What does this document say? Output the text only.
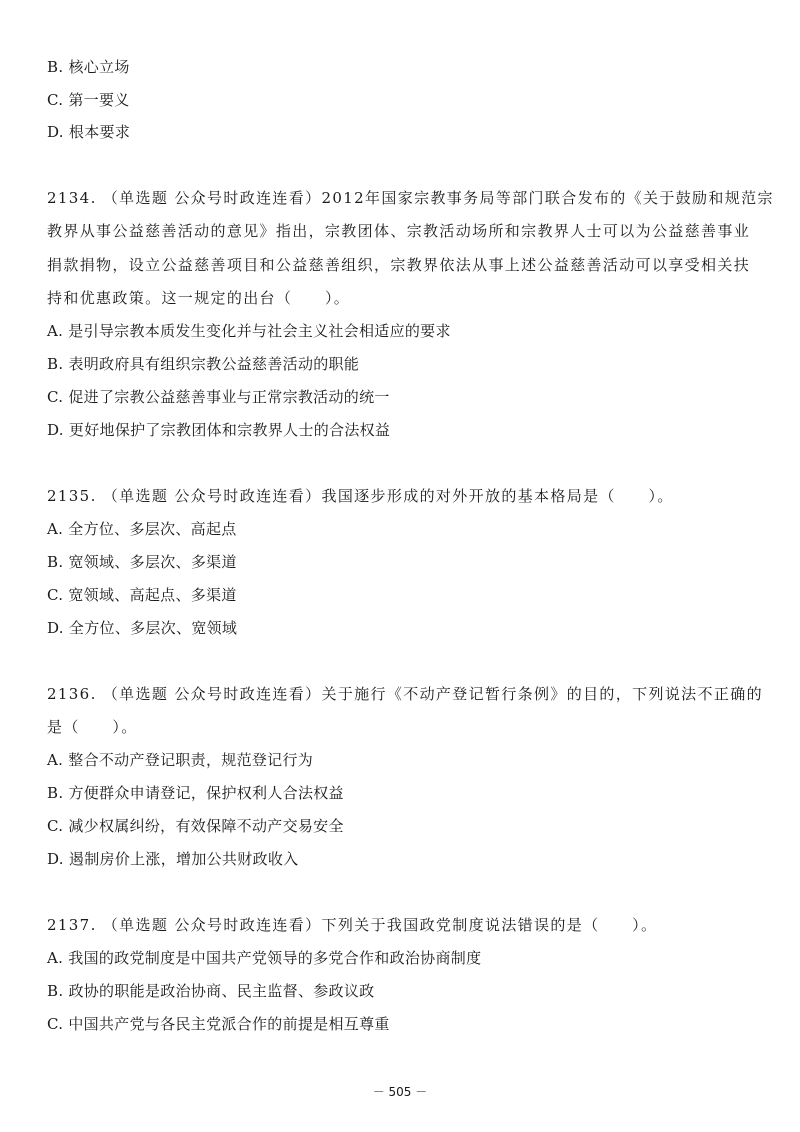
B. 核心立场
C. 第一要义
D. 根本要求
2134. （单选题 公众号时政连连看）2012年国家宗教事务局等部门联合发布的《关于鼓励和规范宗
教界从事公益慈善活动的意见》指出，宗教团体、宗教活动场所和宗教界人士可以为公益慈善事业
捐款捐物，设立公益慈善项目和公益慈善组织，宗教界依法从事上述公益慈善活动可以享受相关扶
持和优惠政策。这一规定的出台（　　）。
A. 是引导宗教本质发生变化并与社会主义社会相适应的要求
B. 表明政府具有组织宗教公益慈善活动的职能
C. 促进了宗教公益慈善事业与正常宗教活动的统一
D. 更好地保护了宗教团体和宗教界人士的合法权益
2135. （单选题 公众号时政连连看）我国逐步形成的对外开放的基本格局是（　　）。
A. 全方位、多层次、高起点
B. 宽领域、多层次、多渠道
C. 宽领域、高起点、多渠道
D. 全方位、多层次、宽领域
2136. （单选题 公众号时政连连看）关于施行《不动产登记暂行条例》的目的，下列说法不正确的
是（　　）。
A. 整合不动产登记职责，规范登记行为
B. 方便群众申请登记，保护权利人合法权益
C. 减少权属纠纷，有效保障不动产交易安全
D. 遏制房价上涨，增加公共财政收入
2137. （单选题 公众号时政连连看）下列关于我国政党制度说法错误的是（　　）。
A. 我国的政党制度是中国共产党领导的多党合作和政治协商制度
B. 政协的职能是政治协商、民主监督、参政议政
C. 中国共产党与各民主党派合作的前提是相互尊重
－ 505 －
